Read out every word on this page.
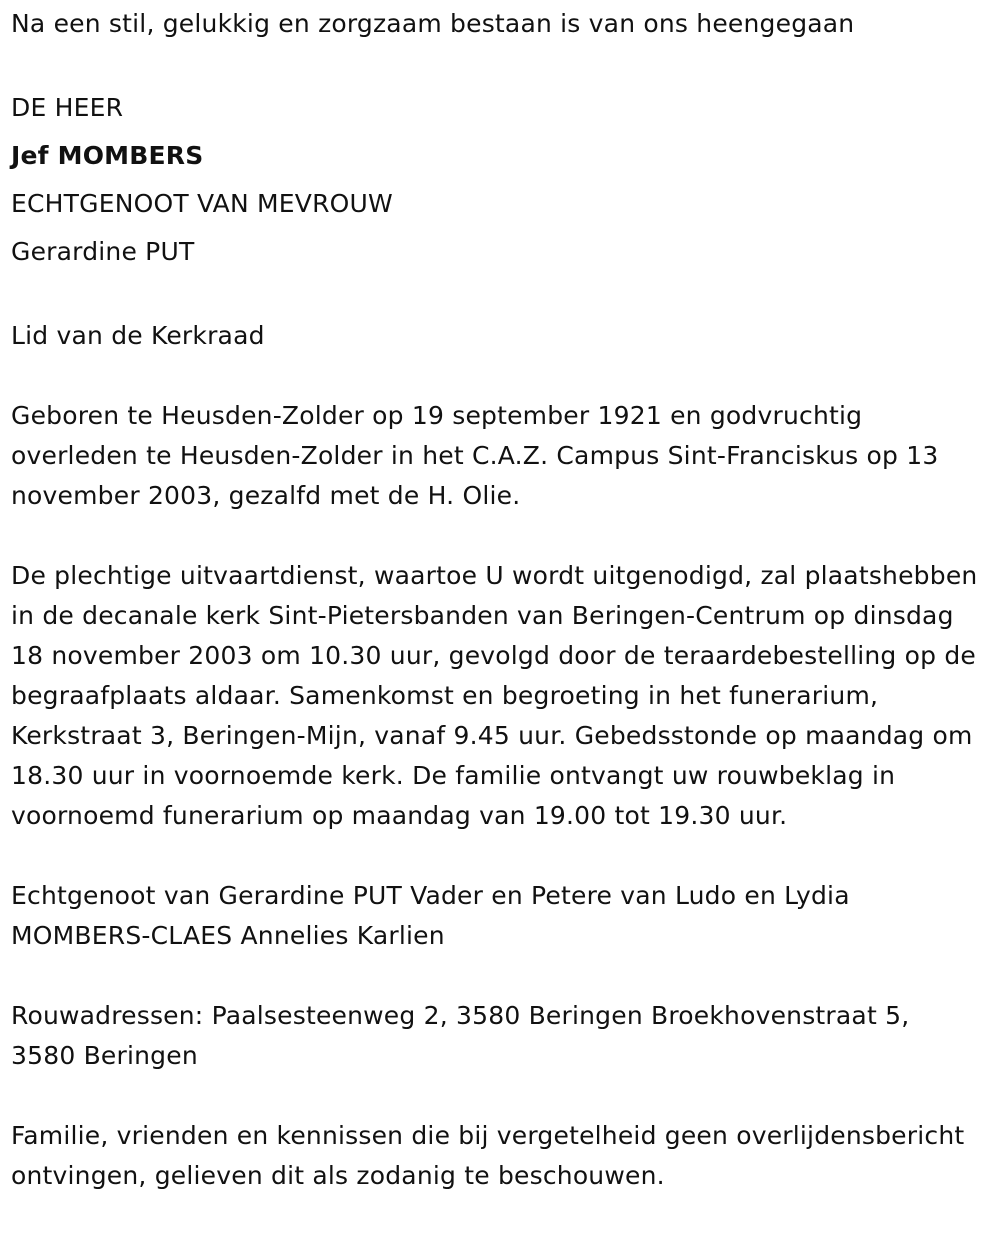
Na een stil, gelukkig en zorgzaam bestaan is van ons heengegaan

DE HEER

Jef MOMBERS

ECHTGENOOT VAN MEVROUW

Gerardine PUT

Lid van de Kerkraad

Geboren te Heusden-Zolder op 19 september 1921 en godvruchtig overleden te Heusden-Zolder in het C.A.Z. Campus Sint-Franciskus op 13 november 2003, gezalfd met de H. Olie.

De plechtige uitvaartdienst, waartoe U wordt uitgenodigd, zal plaatshebben in de decanale kerk Sint-Pietersbanden van Beringen-Centrum op dinsdag 18 november 2003 om 10.30 uur, gevolgd door de teraardebestelling op de begraafplaats aldaar. Samenkomst en begroeting in het funerarium, Kerkstraat 3, Beringen-Mijn, vanaf 9.45 uur. Gebedsstonde op maandag om 18.30 uur in voornoemde kerk. De familie ontvangt uw rouwbeklag in voornoemd funerarium op maandag van 19.00 tot 19.30 uur.

Echtgenoot van Gerardine PUT Vader en Petere van Ludo en Lydia MOMBERS-CLAES Annelies Karlien

Rouwadressen: Paalsesteenweg 2, 3580 Beringen Broekhovenstraat 5, 3580 Beringen

Familie, vrienden en kennissen die bij vergetelheid geen overlijdensbericht ontvingen, gelieven dit als zodanig te beschouwen.
